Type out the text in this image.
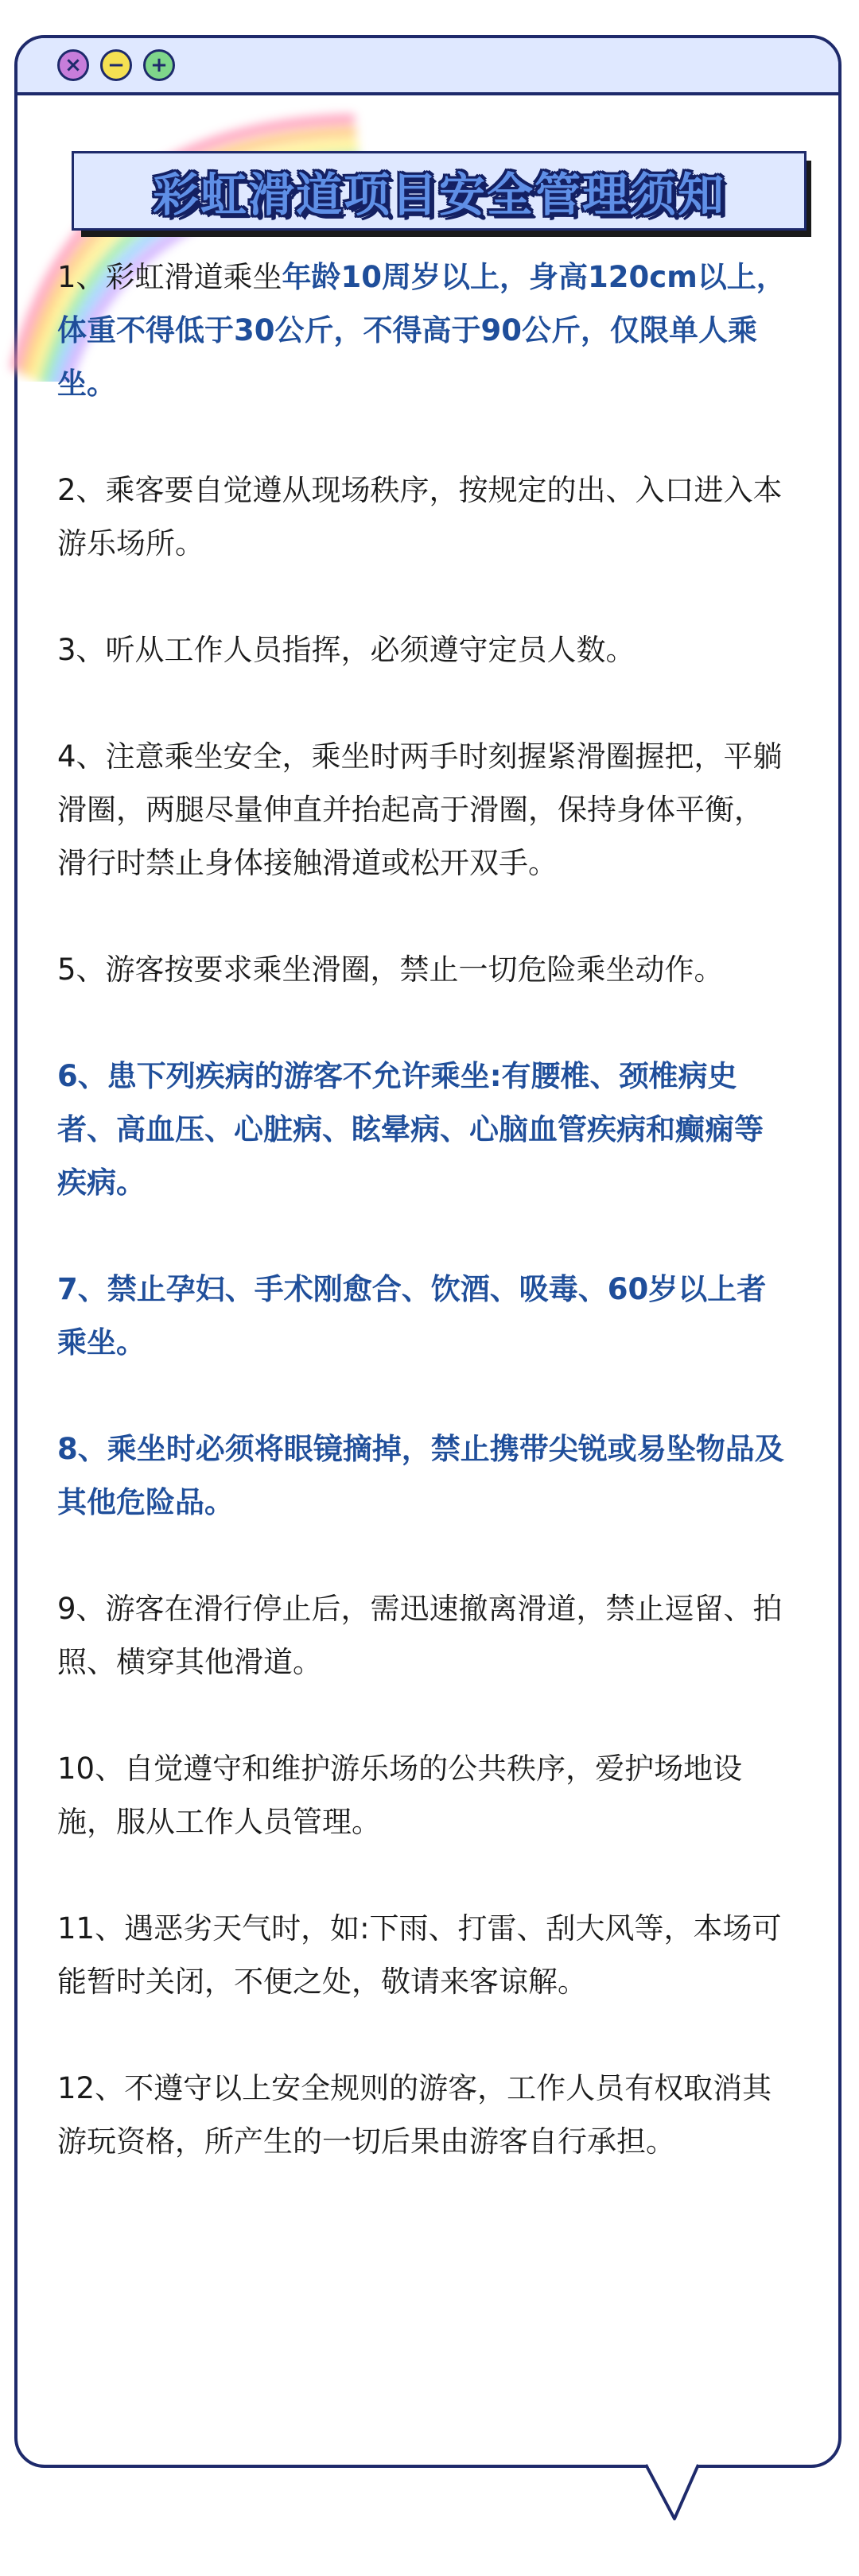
×	−	+
彩虹滑道项目安全管理须知

1、彩虹滑道乘坐年龄10周岁以上，身高120cm以上，体重不得低于30公斤，不得高于90公斤，仅限单人乘坐。

2、乘客要自觉遵从现场秩序，按规定的出、入口进入本游乐场所。

3、听从工作人员指挥，必须遵守定员人数。

4、注意乘坐安全，乘坐时两手时刻握紧滑圈握把，平躺滑圈，两腿尽量伸直并抬起高于滑圈，保持身体平衡，滑行时禁止身体接触滑道或松开双手。

5、游客按要求乘坐滑圈，禁止一切危险乘坐动作。

6、患下列疾病的游客不允许乘坐:有腰椎、颈椎病史者、高血压、心脏病、眩晕病、心脑血管疾病和癫痫等疾病。

7、禁止孕妇、手术刚愈合、饮酒、吸毒、60岁以上者乘坐。

8、乘坐时必须将眼镜摘掉，禁止携带尖锐或易坠物品及其他危险品。

9、游客在滑行停止后，需迅速撤离滑道，禁止逗留、拍照、横穿其他滑道。

10、自觉遵守和维护游乐场的公共秩序，爱护场地设施，服从工作人员管理。

11、遇恶劣天气时，如:下雨、打雷、刮大风等，本场可能暂时关闭，不便之处，敬请来客谅解。

12、不遵守以上安全规则的游客，工作人员有权取消其游玩资格，所产生的一切后果由游客自行承担。
